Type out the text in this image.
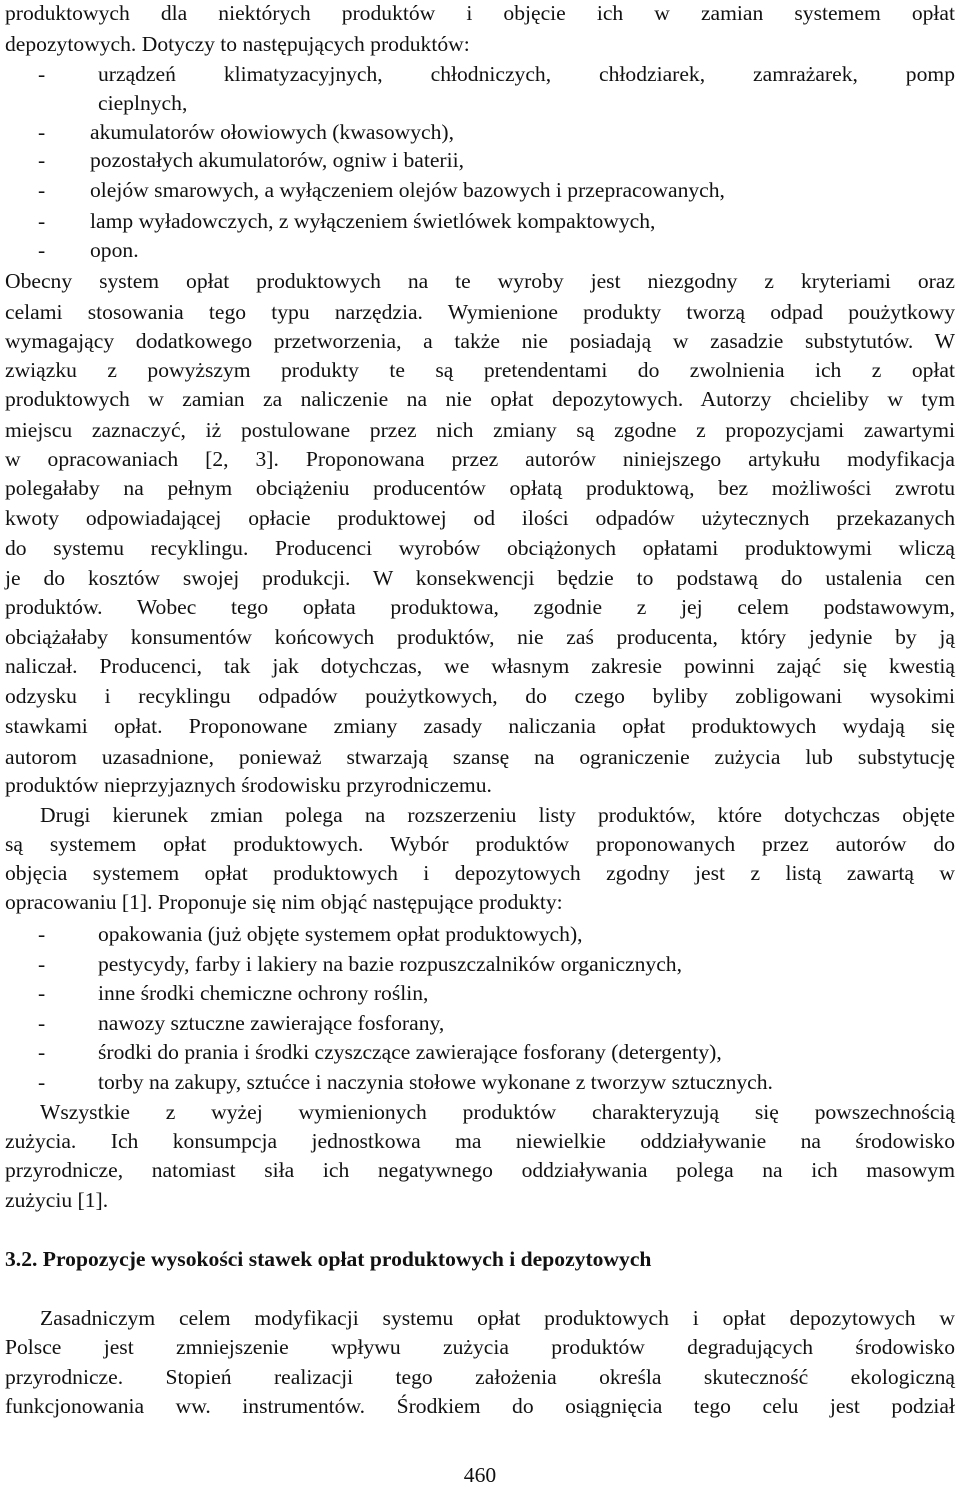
produktowych dla niektórych produktów i objęcie ich w zamian systemem opłat
depozytowych. Dotyczy to następujących produktów:
-	urządzeń klimatyzacyjnych, chłodniczych, chłodziarek, zamrażarek, pomp
cieplnych,
-	akumulatorów ołowiowych (kwasowych),
-	pozostałych akumulatorów, ogniw i baterii,
-	olejów smarowych, a wyłączeniem olejów bazowych i przepracowanych,
-	lamp wyładowczych, z wyłączeniem świetlówek kompaktowych,
-	opon.
Obecny system opłat produktowych na te wyroby jest niezgodny z kryteriami oraz
celami stosowania tego typu narzędzia. Wymienione produkty tworzą odpad poużytkowy
wymagający dodatkowego przetworzenia, a także nie posiadają w zasadzie substytutów. W
związku z powyższym produkty te są pretendentami do zwolnienia ich z opłat
produktowych w zamian za naliczenie na nie opłat depozytowych. Autorzy chcieliby w tym
miejscu zaznaczyć, iż postulowane przez nich zmiany są zgodne z propozycjami zawartymi
w opracowaniach [2, 3]. Proponowana przez autorów niniejszego artykułu modyfikacja
polegałaby na pełnym obciążeniu producentów opłatą produktową, bez możliwości zwrotu
kwoty odpowiadającej opłacie produktowej od ilości odpadów użytecznych przekazanych
do systemu recyklingu. Producenci wyrobów obciążonych opłatami produktowymi wliczą
je do kosztów swojej produkcji. W konsekwencji będzie to podstawą do ustalenia cen
produktów. Wobec tego opłata produktowa, zgodnie z jej celem podstawowym,
obciążałaby konsumentów końcowych produktów, nie zaś producenta, który jedynie by ją
naliczał. Producenci, tak jak dotychczas, we własnym zakresie powinni zająć się kwestią
odzysku i recyklingu odpadów poużytkowych, do czego byliby zobligowani wysokimi
stawkami opłat. Proponowane zmiany zasady naliczania opłat produktowych wydają się
autorom uzasadnione, ponieważ stwarzają szansę na ograniczenie zużycia lub substytucję
produktów nieprzyjaznych środowisku przyrodniczemu.
Drugi kierunek zmian polega na rozszerzeniu listy produktów, które dotychczas objęte
są systemem opłat produktowych. Wybór produktów proponowanych przez autorów do
objęcia systemem opłat produktowych i depozytowych zgodny jest z listą zawartą w
opracowaniu [1]. Proponuje się nim objąć następujące produkty:
-	opakowania (już objęte systemem opłat produktowych),
-	pestycydy, farby i lakiery na bazie rozpuszczalników organicznych,
-	inne środki chemiczne ochrony roślin,
-	nawozy sztuczne zawierające fosforany,
-	środki do prania i środki czyszczące zawierające fosforany (detergenty),
-	torby na zakupy, sztućce i naczynia stołowe wykonane z tworzyw sztucznych.
Wszystkie z wyżej wymienionych produktów charakteryzują się powszechnością
zużycia. Ich konsumpcja jednostkowa ma niewielkie oddziaływanie na środowisko
przyrodnicze, natomiast siła ich negatywnego oddziaływania polega na ich masowym
zużyciu [1].
3.2. Propozycje wysokości stawek opłat produktowych i depozytowych
Zasadniczym celem modyfikacji systemu opłat produktowych i opłat depozytowych w
Polsce jest zmniejszenie wpływu zużycia produktów degradujących środowisko
przyrodnicze. Stopień realizacji tego założenia określa skuteczność ekologiczną
funkcjonowania ww. instrumentów. Środkiem do osiągnięcia tego celu jest podział
460
